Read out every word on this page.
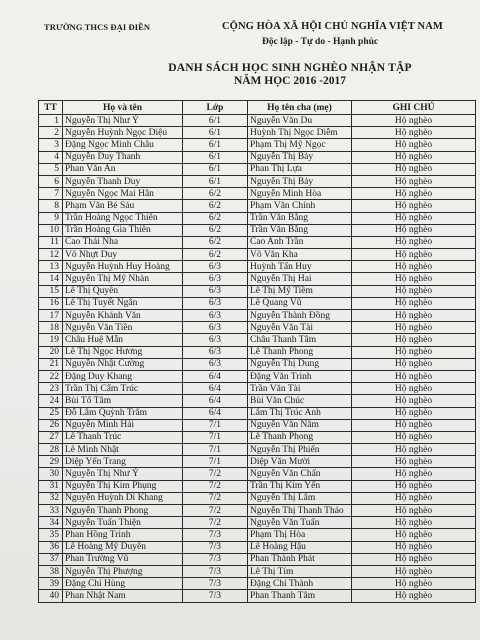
TRƯỜNG THCS ĐẠI ĐIỀN	CỘNG HÒA XÃ HỘI CHỦ NGHĨA VIỆT NAM
Độc lập - Tự do - Hạnh phúc
DANH SÁCH HỌC SINH NGHÈO NHẬN TẬP
NĂM HỌC 2016 -2017
TT	Họ và tên	Lớp	Họ tên cha (mẹ)	GHI CHÚ
1	Nguyễn Thị Như Ý	6/1	Nguyễn Văn Du	Hộ nghèo
2	Nguyễn Huỳnh Ngọc Diệu	6/1	Huỳnh Thị Ngọc Diễm	Hộ nghèo
3	Đặng Ngọc Minh Châu	6/1	Phạm Thị Mỹ Ngọc	Hộ nghèo
4	Nguyễn Duy Thanh	6/1	Nguyễn Thị Bảy	Hộ nghèo
5	Phan Văn An	6/1	Phan Thị Lựa	Hộ nghèo
6	Nguyễn Thanh Duy	6/1	Nguyễn Thị Bảy	Hộ nghèo
7	Nguyễn Ngọc Mai Hân	6/2	Nguyễn Minh Hòa	Hộ nghèo
8	Phạm Văn Bé Sáu	6/2	Phạm Văn Chính	Hộ nghèo
9	Trần Hoàng Ngọc Thiên	6/2	Trần Văn Bằng	Hộ nghèo
10	Trần Hoàng Gia Thiên	6/2	Trần Văn Bằng	Hộ nghèo
11	Cao Thái Nha	6/2	Cao Anh Trần	Hộ nghèo
12	Võ Nhựt Duy	6/2	Võ Văn Kha	Hộ nghèo
13	Nguyễn Huỳnh Huy Hoàng	6/3	Huỳnh Tấn Huy	Hộ nghèo
14	Nguyễn Thị Mỹ Nhàn	6/3	Nguyễn Thị Hai	Hộ nghèo
15	Lê Thị Quyên	6/3	Lê Thị Mỹ Tiềm	Hộ nghèo
16	Lê Thị Tuyết Ngân	6/3	Lê Quang Vũ	Hộ nghèo
17	Nguyễn Khánh Văn	6/3	Nguyễn Thành Đồng	Hộ nghèo
18	Nguyễn Văn Tiền	6/3	Nguyễn Văn Tài	Hộ nghèo
19	Châu Huệ Mẫn	6/3	Châu Thanh Tâm	Hộ nghèo
20	Lê Thị Ngọc Hương	6/3	Lê Thanh Phong	Hộ nghèo
21	Nguyễn Nhật Cường	6/3	Nguyễn Thị Dung	Hộ nghèo
22	Đặng Duy Khang	6/4	Đặng Văn Trình	Hộ nghèo
23	Trần Thị Cẩm Trúc	6/4	Trần Văn Tài	Hộ nghèo
24	Bùi Tố Tâm	6/4	Bùi Văn Chúc	Hộ nghèo
25	Đỗ Lâm Quỳnh Trâm	6/4	Lâm Thị Trúc Anh	Hộ nghèo
26	Nguyễn Minh Hải	7/1	Nguyễn Văn Năm	Hộ nghèo
27	Lê Thanh Trúc	7/1	Lê Thanh Phong	Hộ nghèo
28	Lê Minh Nhật	7/1	Nguyễn Thị Phiến	Hộ nghèo
29	Diệp Yến Trang	7/1	Diệp Văn Mười	Hộ nghèo
30	Nguyễn Thị Như Ý	7/2	Nguyễn Văn Chấn	Hộ nghèo
31	Nguyễn Thị Kim Phụng	7/2	Trần Thị Kim Yến	Hộ nghèo
32	Nguyễn Huỳnh Di Khang	7/2	Nguyễn Thị Lâm	Hộ nghèo
33	Nguyễn Thanh Phong	7/2	Nguyễn Thị Thanh Thảo	Hộ nghèo
34	Nguyễn Tuấn Thiện	7/2	Nguyễn Văn Tuấn	Hộ nghèo
35	Phan Hồng Trinh	7/3	Phạm Thị Hòa	Hộ nghèo
36	Lê Hoàng Mỹ Duyên	7/3	Lê Hoàng Hậu	Hộ nghèo
37	Phan Trường Vũ	7/3	Phan Thành Phát	Hộ nghèo
38	Nguyễn Thị Phượng	7/3	Lê Thị Tím	Hộ nghèo
39	Đặng Chí Hùng	7/3	Đặng Chí Thành	Hộ nghèo
40	Phan Nhật Nam	7/3	Phan Thanh Tâm	Hộ nghèo
